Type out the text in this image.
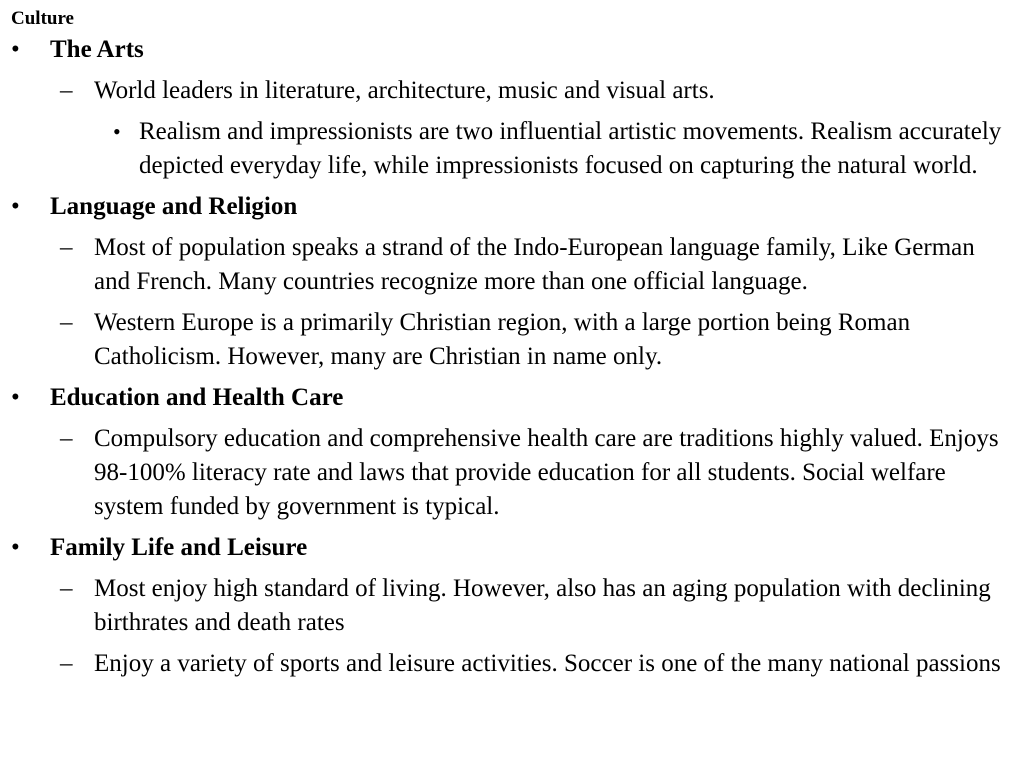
Culture
• The Arts
– World leaders in literature, architecture, music and visual arts.
• Realism and impressionists are two influential artistic movements. Realism accurately depicted everyday life, while impressionists focused on capturing the natural world.
• Language and Religion
– Most of population speaks a strand of the Indo-European language family, Like German and French. Many countries recognize more than one official language.
– Western Europe is a primarily Christian region, with a large portion being Roman Catholicism. However, many are Christian in name only.
• Education and Health Care
– Compulsory education and comprehensive health care are traditions highly valued. Enjoys 98-100% literacy rate and laws that provide education for all students. Social welfare system funded by government is typical.
• Family Life and Leisure
– Most enjoy high standard of living. However, also has an aging population with declining birthrates and death rates
– Enjoy a variety of sports and leisure activities. Soccer is one of the many national passions
